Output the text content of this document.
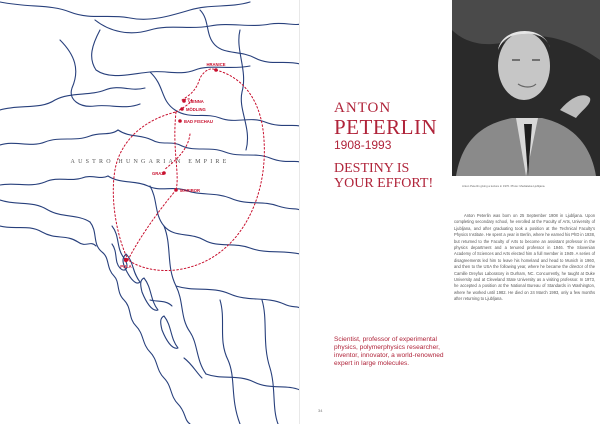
AUSTRO HUNGARIAN EMPIRE
HRANICE
VIENNA
MÖDLING
BAD FISCHAU
GRAZ
MARIBOR
PULA
ANTON
PETERLIN
1908-1993
DESTINY IS
YOUR EFFORT!	Anton Peterlin giving a lecture in 1970. Photo: Mediateka Ljubljana.
Anton Peterlin was born on 25 September 1908 in Ljubljana. Upon completing secondary school, he enrolled at the Faculty of Arts, University of Ljubljana, and after graduating took a position at the Technical Faculty's Physics Institute. He spent a year in Berlin, where he earned his PhD in 1938, but returned to the Faculty of Arts to become an assistant professor in the physics department and a tenured professor in 1946. The Slovenian Academy of Sciences and Arts elected him a full member in 1949. A series of disagreements led him to leave his homeland and head to Munich in 1960, and then to the USA the following year, where he became the director of the Camille Dreyfus Laboratory in Durham, NC. Concurrently, he taught at Duke University and at Cleveland State University as a visiting professor. In 1973, he accepted a position at the National Bureau of Standards in Washington, where he worked until 1982. He died on 24 March 1993, only a few months after returning to Ljubljana.
Scientist, professor of experimental physics, polymerphysics researcher, inventor, innovator, a world-renowned expert in large molecules.
34
